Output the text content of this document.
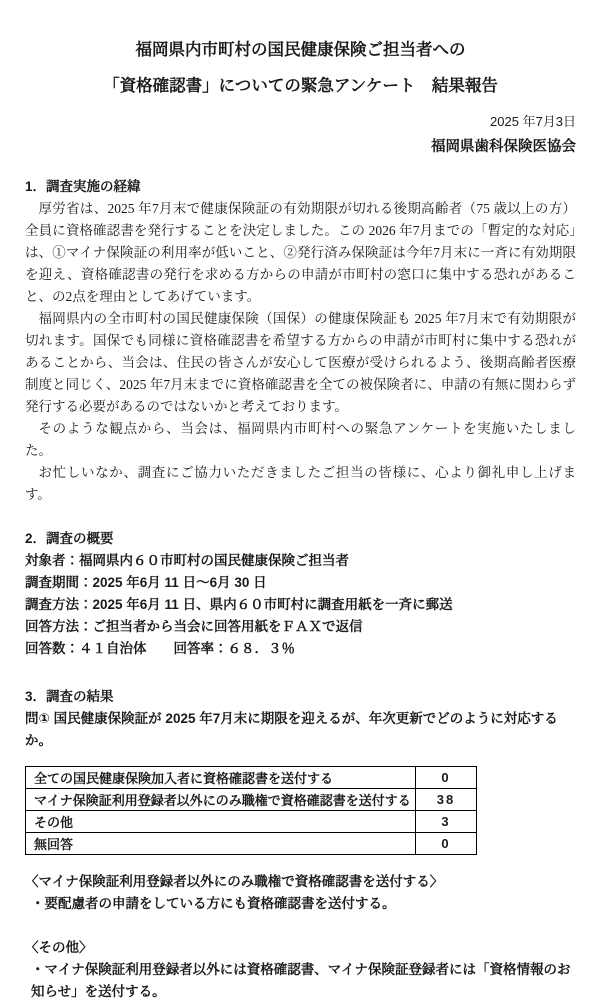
福岡県内市町村の国民健康保険ご担当者への
「資格確認書」についての緊急アンケート　結果報告
2025 年7月3日
福岡県歯科保険医協会
1．調査実施の経緯

厚労省は、2025 年7月末で健康保険証の有効期限が切れる後期高齢者（75 歳以上の方）全員に資格確認書を発行することを決定しました。この 2026 年7月までの「暫定的な対応」は、①マイナ保険証の利用率が低いこと、②発行済み保険証は今年7月末に一斉に有効期限を迎え、資格確認書の発行を求める方からの申請が市町村の窓口に集中する恐れがあること、の2点を理由としてあげています。

福岡県内の全市町村の国民健康保険（国保）の健康保険証も 2025 年7月末で有効期限が切れます。国保でも同様に資格確認書を希望する方からの申請が市町村に集中する恐れがあることから、当会は、住民の皆さんが安心して医療が受けられるよう、後期高齢者医療制度と同じく、2025 年7月末までに資格確認書を全ての被保険者に、申請の有無に関わらず発行する必要があるのではないかと考えております。

そのような観点から、当会は、福岡県内市町村への緊急アンケートを実施いたしました。

お忙しいなか、調査にご協力いただきましたご担当の皆様に、心より御礼申し上げます。

2．調査の概要
対象者：福岡県内６０市町村の国民健康保険ご担当者
調査期間：2025 年6月 11 日～6月 30 日
調査方法：2025 年6月 11 日、県内６０市町村に調査用紙を一斉に郵送
回答方法：ご担当者から当会に回答用紙をＦＡＸで返信
回答数：４１自治体　　回答率：６８．３％
3．調査の結果
問① 国民健康保険証が 2025 年7月末に期限を迎えるが、年次更新でどのように対応するか。
全ての国民健康保険加入者に資格確認書を送付する	0
マイナ保険証利用登録者以外にのみ職権で資格確認書を送付する	38
その他	3
無回答	0
〈マイナ保険証利用登録者以外にのみ職権で資格確認書を送付する〉

・要配慮者の申請をしている方にも資格確認書を送付する。

〈その他〉

・マイナ保険証利用登録者以外には資格確認書、マイナ保険証登録者には「資格情報のお知らせ」を送付する。
